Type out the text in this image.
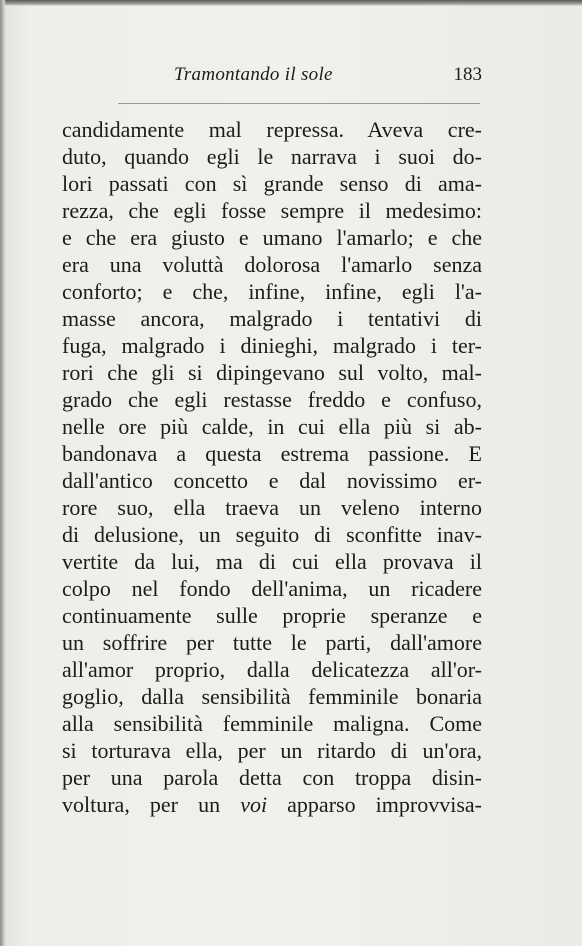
Tramontando il sole	183
candidamente mal repressa. Aveva cre-
duto, quando egli le narrava i suoi do-
lori passati con sì grande senso di ama-
rezza, che egli fosse sempre il medesimo:
e che era giusto e umano l'amarlo; e che
era una voluttà dolorosa l'amarlo senza
conforto; e che, infine, infine, egli l'a-
masse ancora, malgrado i tentativi di
fuga, malgrado i dinieghi, malgrado i ter-
rori che gli si dipingevano sul volto, mal-
grado che egli restasse freddo e confuso,
nelle ore più calde, in cui ella più si ab-
bandonava a questa estrema passione. E
dall'antico concetto e dal novissimo er-
rore suo, ella traeva un veleno interno
di delusione, un seguito di sconfitte inav-
vertite da lui, ma di cui ella provava il
colpo nel fondo dell'anima, un ricadere
continuamente sulle proprie speranze e
un soffrire per tutte le parti, dall'amore
all'amor proprio, dalla delicatezza all'or-
goglio, dalla sensibilità femminile bonaria
alla sensibilità femminile maligna. Come
si torturava ella, per un ritardo di un'ora,
per una parola detta con troppa disin-
voltura, per un voi apparso improvvisa-
